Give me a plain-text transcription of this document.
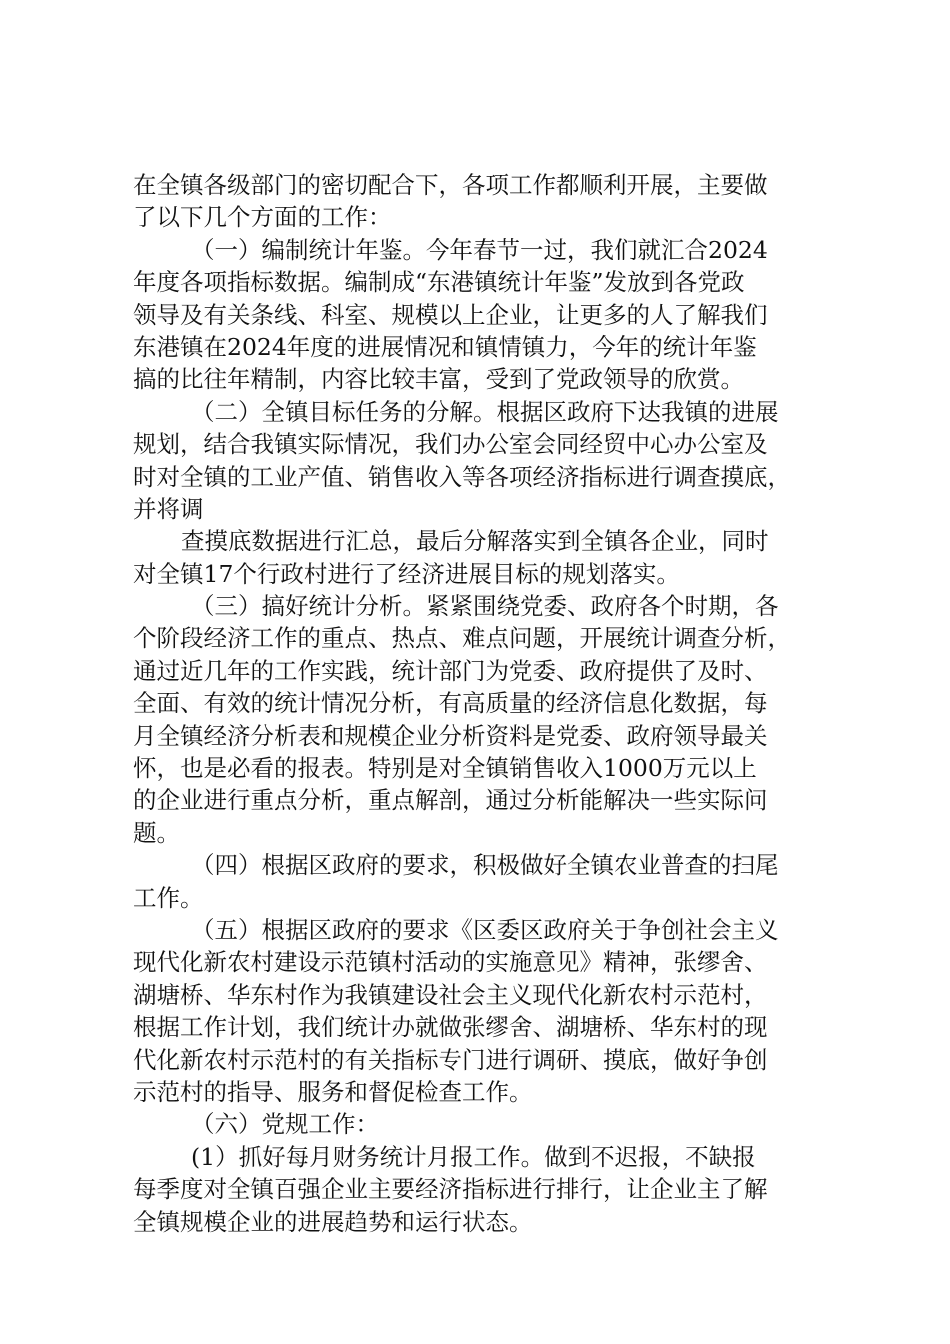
在全镇各级部门的密切配合下，各项工作都顺利开展，主要做
了以下几个方面的工作：
（一）编制统计年鉴。今年春节一过，我们就汇合2024
年度各项指标数据。编制成“东港镇统计年鉴”发放到各党政
领导及有关条线、科室、规模以上企业，让更多的人了解我们
东港镇在2024年度的进展情况和镇情镇力，今年的统计年鉴
搞的比往年精制，内容比较丰富，受到了党政领导的欣赏。
（二）全镇目标任务的分解。根据区政府下达我镇的进展
规划，结合我镇实际情况，我们办公室会同经贸中心办公室及
时对全镇的工业产值、销售收入等各项经济指标进行调查摸底，
并将调
查摸底数据进行汇总，最后分解落实到全镇各企业，同时
对全镇17个行政村进行了经济进展目标的规划落实。
（三）搞好统计分析。紧紧围绕党委、政府各个时期，各
个阶段经济工作的重点、热点、难点问题，开展统计调查分析，
通过近几年的工作实践，统计部门为党委、政府提供了及时、
全面、有效的统计情况分析，有高质量的经济信息化数据，每
月全镇经济分析表和规模企业分析资料是党委、政府领导最关
怀，也是必看的报表。特别是对全镇销售收入1000万元以上
的企业进行重点分析，重点解剖，通过分析能解决一些实际问
题。
（四）根据区政府的要求，积极做好全镇农业普查的扫尾
工作。
（五）根据区政府的要求《区委区政府关于争创社会主义
现代化新农村建设示范镇村活动的实施意见》精神，张缪舍、
湖塘桥、华东村作为我镇建设社会主义现代化新农村示范村，
根据工作计划，我们统计办就做张缪舍、湖塘桥、华东村的现
代化新农村示范村的有关指标专门进行调研、摸底，做好争创
示范村的指导、服务和督促检查工作。
（六）党规工作：
(1）抓好每月财务统计月报工作。做到不迟报，不缺报
每季度对全镇百强企业主要经济指标进行排行，让企业主了解
全镇规模企业的进展趋势和运行状态。
